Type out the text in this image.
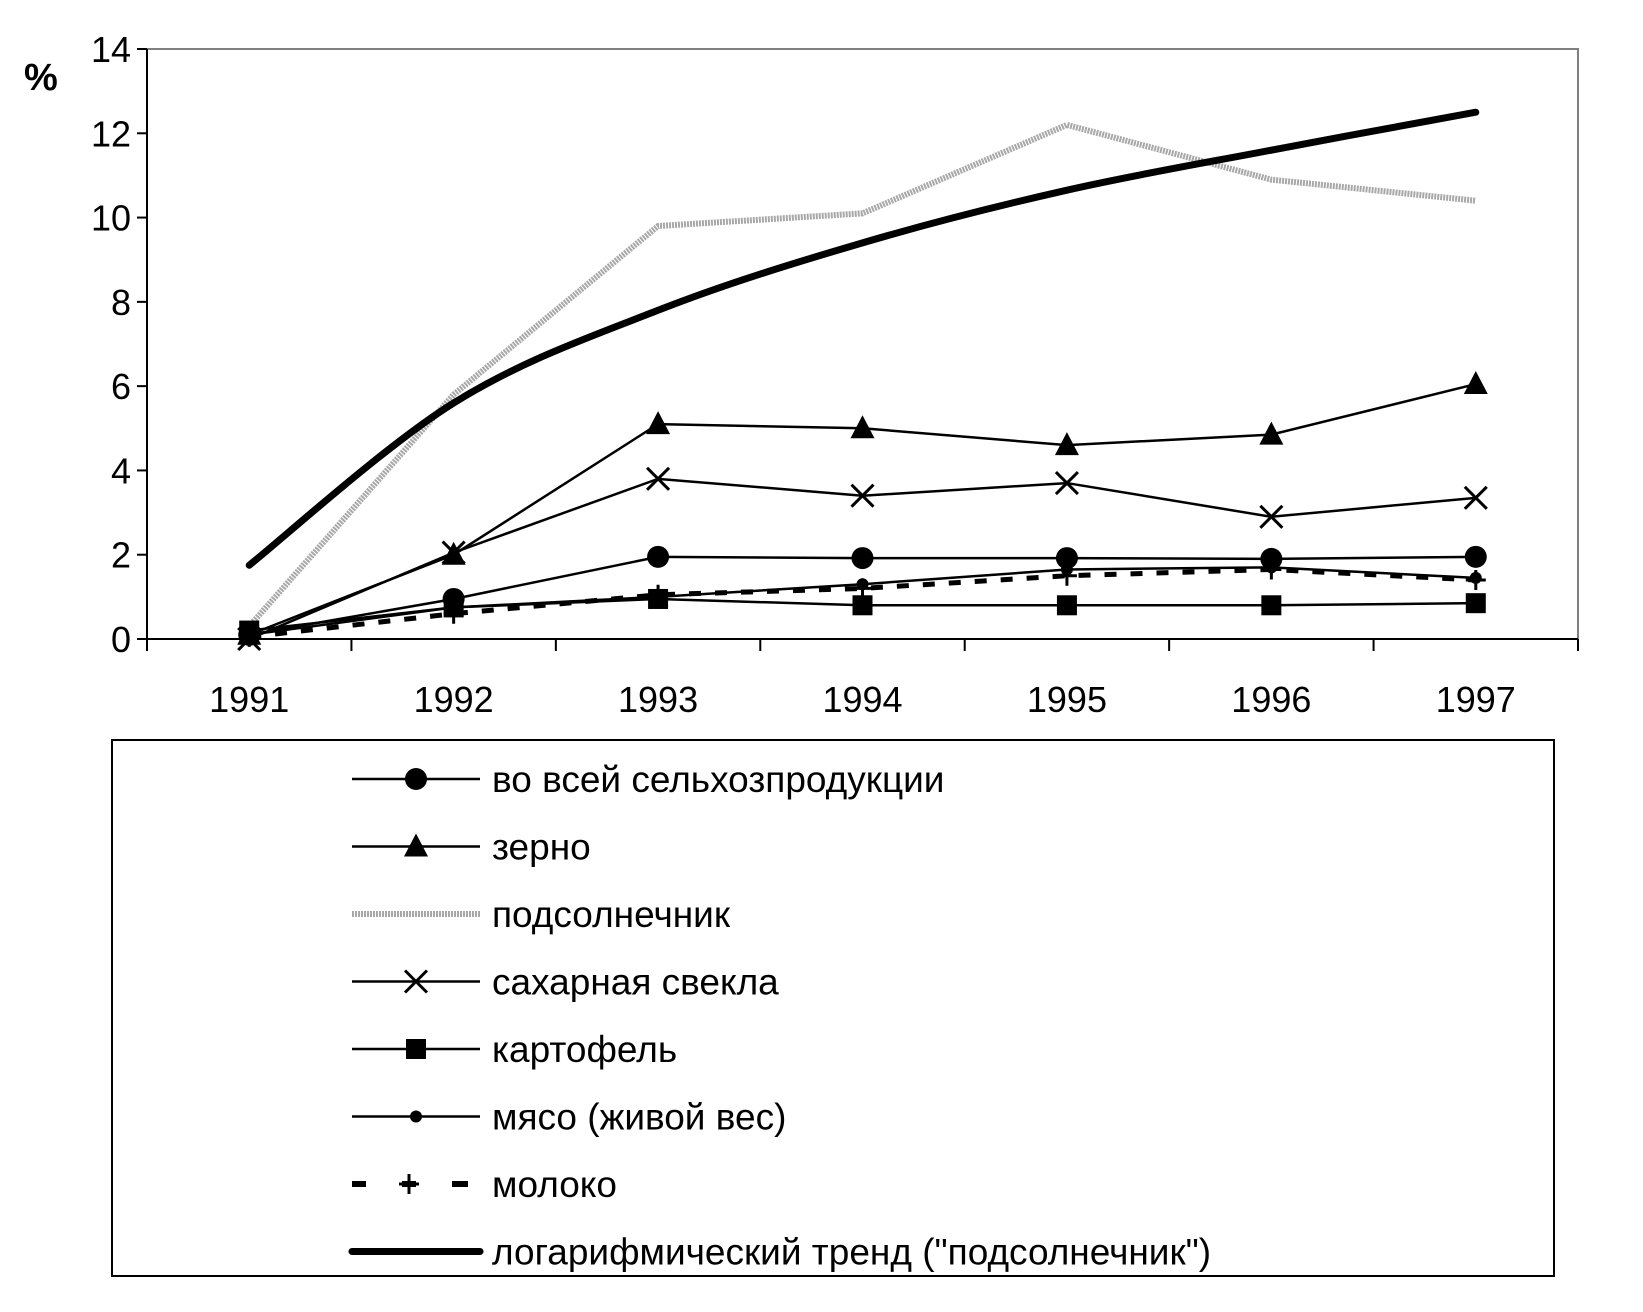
%
0
2
4
6
8
10
12
14
1991	1992	1993	1994	1995	1996	1997
во всей сельхозпродукции
зерно
подсолнечник
сахарная свекла
картофель
мясо (живой вес)
молоко
логарифмический тренд ("подсолнечник")
